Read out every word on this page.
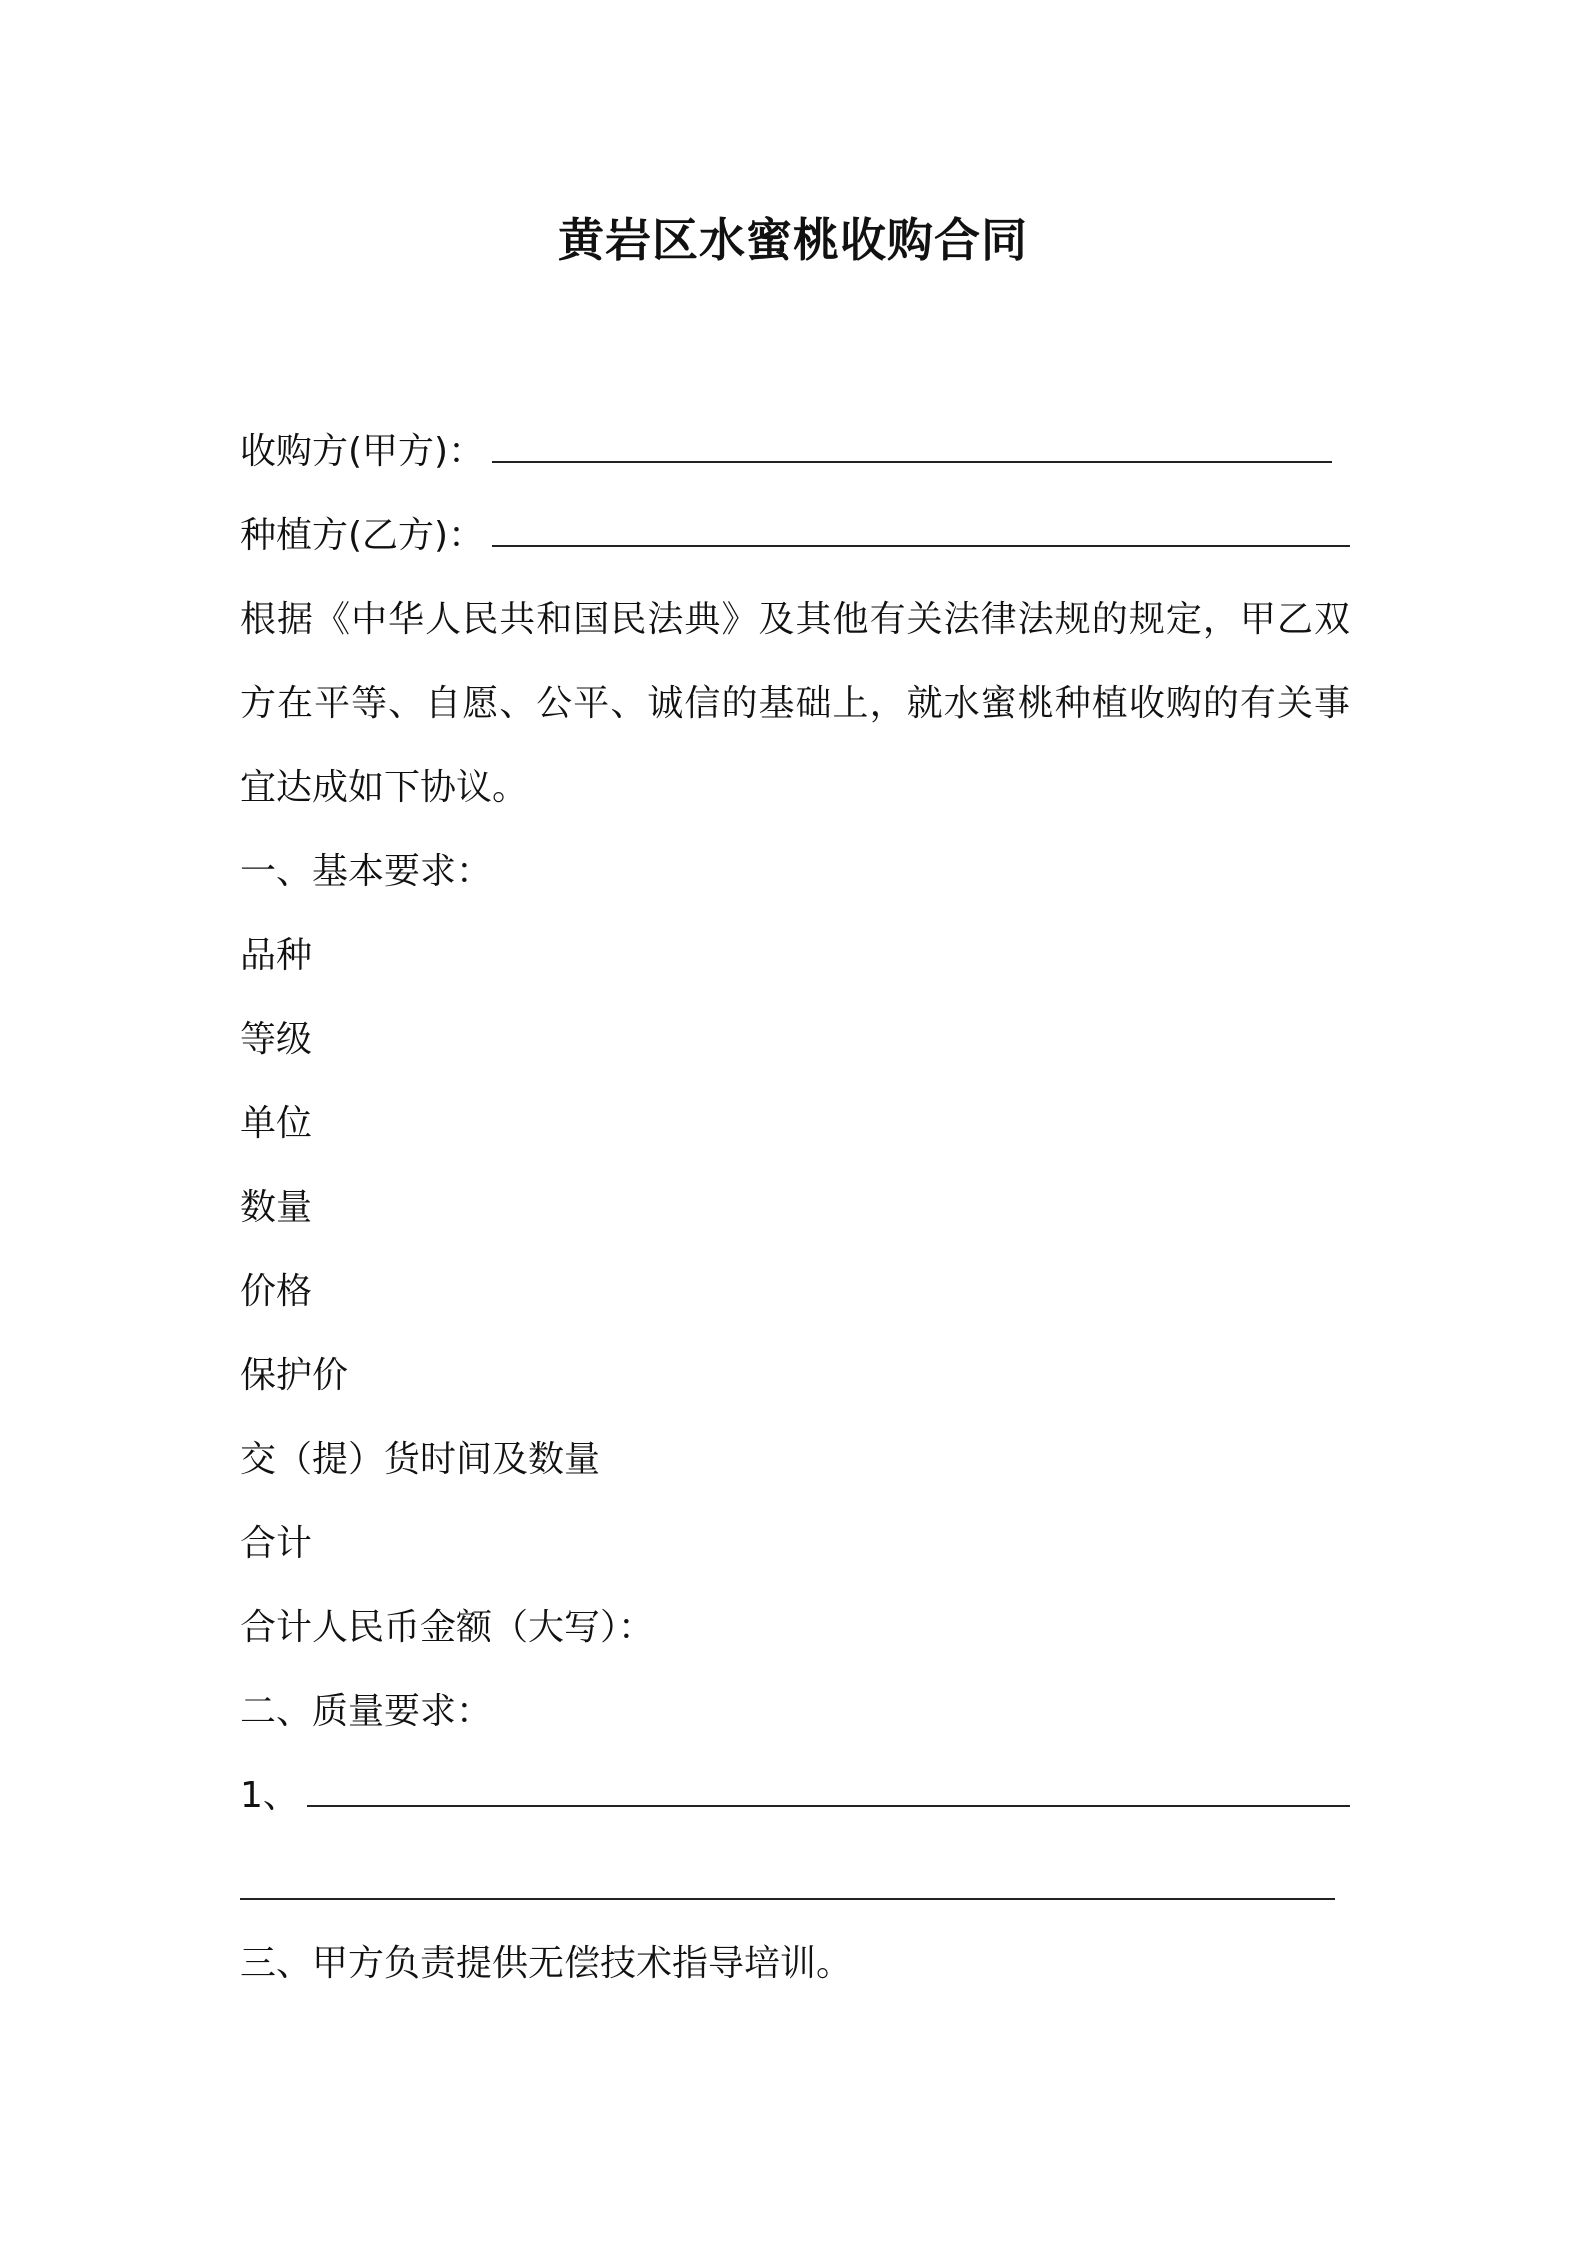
黄岩区水蜜桃收购合同
收购方(甲方)：
种植方(乙方)：
根据《中华人民共和国民法典》及其他有关法律法规的规定，甲乙双方在平等、自愿、公平、诚信的基础上，就水蜜桃种植收购的有关事宜达成如下协议。
一、基本要求：
品种
等级
单位
数量
价格
保护价
交（提）货时间及数量
合计
合计人民币金额（大写）：
二、质量要求：
1、
三、甲方负责提供无偿技术指导培训。
